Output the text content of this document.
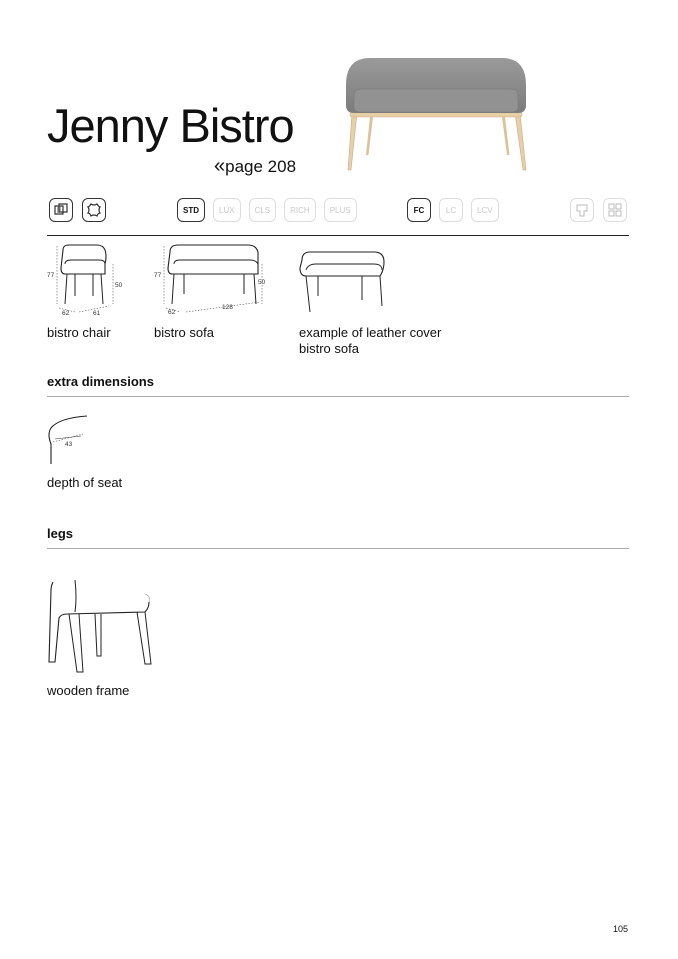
Jenny Bistro
«page 208
STD	LUX	CLS	RICH	PLUS	FC	LC	LCV
77
50
62	61
77
50
62
128
bistro chair	bistro sofa	example of leather cover
bistro sofa
extra dimensions
43
depth of seat
legs
wooden frame
105
